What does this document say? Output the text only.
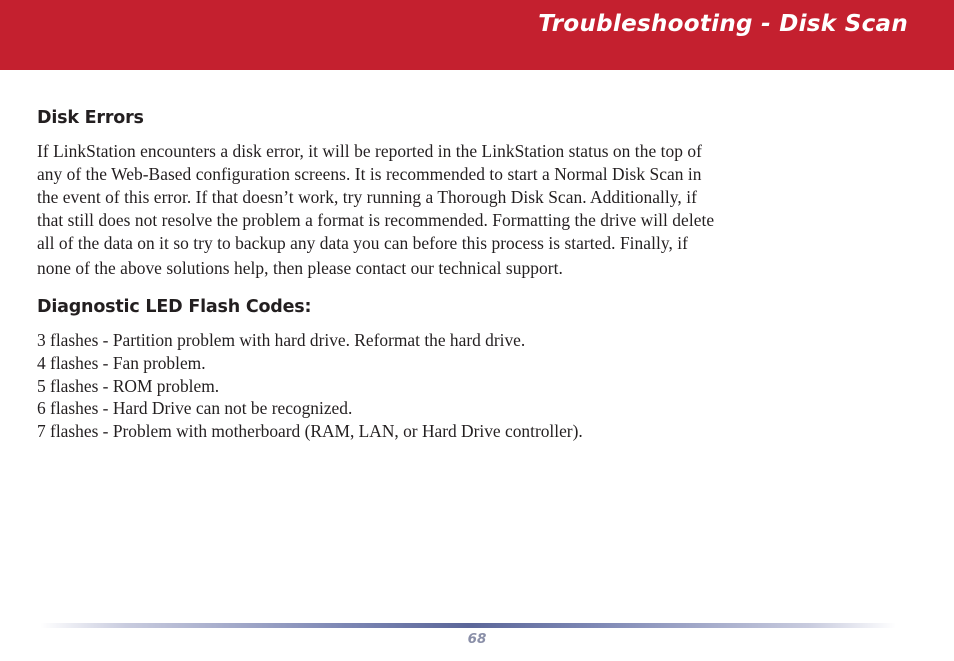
Troubleshooting - Disk Scan
Disk Errors

If LinkStation encounters a disk error, it will be reported in the LinkStation status on the top of
any of the Web-Based configuration screens. It is recommended to start a Normal Disk Scan in
the event of this error. If that doesn’t work, try running a Thorough Disk Scan. Additionally, if
that still does not resolve the problem a format is recommended. Formatting the drive will delete
all of the data on it so try to backup any data you can before this process is started. Finally, if
none of the above solutions help, then please contact our technical support.

Diagnostic LED Flash Codes:
3 flashes - Partition problem with hard drive. Reformat the hard drive.
4 flashes - Fan problem.
5 flashes - ROM problem.
6 flashes - Hard Drive can not be recognized.
7 flashes - Problem with motherboard (RAM, LAN, or Hard Drive controller).
68
